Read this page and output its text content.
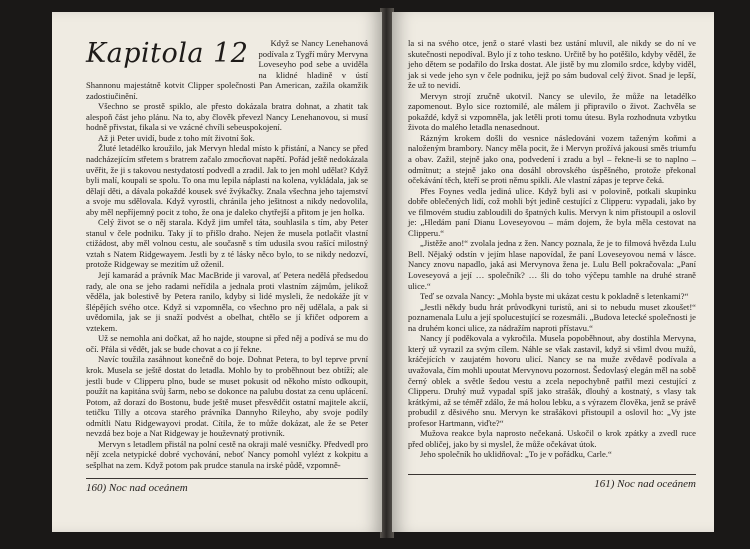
Kapitola 12	Když se Nancy Lenehanová podívala z Tygří můry Mervyna Loveseyho pod sebe a uviděla na klidné hladině v ústí Shannonu majestátně kotvit Clipper společnosti Pan American, zažila okamžik zadostiučinění.

Všechno se prostě spiklo, ale přesto dokázala bratra dohnat, a zhatit tak alespoň část jeho plánu. Na to, aby člověk převezl Nancy Lenehanovou, si musí hodně přivstat, fikala si ve vzácné chvíli sebeuspokojení.

Až ji Peter uvidí, bude z toho mít životní šok.

Žluté letadélko kroužilo, jak Mervyn hledal místo k přistání, a Nancy se před nadcházejícím střetem s bratrem začalo zmocňovat napětí. Pořád ještě nedokázala uvěřit, že ji s takovou nestydatostí podvedl a zradil. Jak to jen mohl udělat? Když byli malí, koupali se spolu. To ona mu lepila náplasti na kolena, vykládala, jak se dělají děti, a dávala pokaždé kousek své žvýkačky. Znala všechna jeho tajemství a svoje mu sdělovala. Když vyrostli, chránila jeho ješitnost a nikdy nedovolila, aby měl nepříjemný pocit z toho, že ona je daleko chytřejší a přitom je jen holka.

Celý život se o něj starala. Když jim umřel táta, souhlasila s tím, aby Peter stanul v čele podniku. Taky jí to přišlo draho. Nejen že musela potlačit vlastní ctižádost, aby měl volnou cestu, ale současně s tím udusila svou rašící milostný vztah s Natem Ridgewayem. Jestli by z té lásky něco bylo, to se nikdy nedozví, protože Ridgeway se mezitím už oženil.

Její kamarád a právník Mac MacBride ji varoval, ať Petera nedělá předsedou rady, ale ona se jeho radami neřídila a jednala proti vlastním zájmům, jelikož věděla, jak bolestivě by Petera ranilo, kdyby si lidé mysleli, že nedokáže jít v šlépějích svého otce. Když si vzpomněla, co všechno pro něj udělala, a pak si uvědomila, jak se ji snaží podvést a obelhat, chtělo se jí křičet odporem a vztekem.

Už se nemohla ani dočkat, až ho najde, stoupne si před něj a podívá se mu do očí. Přála si vědět, jak se bude chovat a co jí řekne.

Navíc toužila zasáhnout konečně do boje. Dohnat Petera, to byl teprve první krok. Musela se ještě dostat do letadla. Mohlo by to proběhnout bez obtíží; ale jestli bude v Clipperu plno, bude se muset pokusit od někoho místo odkoupit, použít na kapitána svůj šarm, nebo se dokonce na palubu dostat za cenu uplácení. Potom, až dorazí do Bostonu, bude ještě muset přesvědčit ostatní majitele akcií, tetičku Tilly a otcova starého právníka Dannyho Rileyho, aby svoje podíly odmítli Natu Ridgewayovi prodat. Cítila, že to může dokázat, ale že se Peter nevzdá bez boje a Nat Ridgeway je houževnatý protivník.

Mervyn s letadlem přistál na polní cestě na okraji malé vesničky. Předvedl pro nějí zcela netypické dobré vychování, neboť Nancy pomohl vylézt z kokpitu a sešplhat na zem. Když potom pak prudce stanula na irské půdě, vzpomně-

160) Noc nad oceánem

la si na svého otce, jenž o staré vlasti bez ustání mluvil, ale nikdy se do ní ve skutečnosti nepodíval. Bylo jí z toho teskno. Určitě by ho potěšilo, kdyby věděl, že jeho dětem se podařilo do Irska dostat. Ale jistě by mu zlomilo srdce, kdyby viděl, jak si vede jeho syn v čele podniku, jejž po sám budoval celý život. Snad je lepší, že už to nevidí.

Mervyn strojí zručně ukotvil. Nancy se ulevilo, že může na letadélko zapomenout. Bylo sice roztomilé, ale málem ji připravilo o život. Zachvěla se pokaždé, když si vzpomněla, jak letěli proti tomu útesu. Byla rozhodnuta vzbytku života do malého letadla nenasednout.

Rázným krokem došli do vesnice následováni vozem taženým koňmi a naloženým brambory. Nancy měla pocit, že i Mervyn prožívá jakousi směs triumfu a obav. Zažil, stejně jako ona, podvedení i zradu a byl – řekne-li se to naplno – odmítnut; a stejně jako ona dosáhl obrovského úspěšného, protože překonal očekávání těch, kteří se proti němu spikli. Ale vlastní zápas je teprve čeká.

Přes Foynes vedla jediná ulice. Když byli asi v polovině, potkali skupinku dobře oblečených lidí, což mohli být jedině cestující z Clipperu: vypadali, jako by ve filmovém studiu zabloudili do špatných kulis. Mervyn k nim přistoupil a oslovil je: „Hledám paní Dianu Loveseyovou – mám dojem, že byla měla cestovat na Clipperu.“

„Jistěže ano!“ zvolala jedna z žen. Nancy poznala, že je to filmová hvězda Lulu Bell. Nějaký odstín v jejím hlase napovídal, že paní Loveseyovou nemá v lásce. Nancy znovu napadlo, jaká asi Mervynova žena je. Lulu Bell pokračovala: „Paní Loveseyová a její … společník? … šli do toho výčepu tamhle na druhé straně ulice.“

Teď se ozvala Nancy: „Mohla byste mi ukázat cestu k pokladně s letenkami?“

„Jestli někdy budu hrát průvodkyni turistů, ani si to nebudu muset zkoušet!“ poznamenala Lulu a její spolucestující se rozesmáli. „Budova letecké společnosti je na druhém konci ulice, za nádražím naproti přístavu.“

Nancy jí poděkovala a vykročila. Musela popoběhnout, aby dostihla Mervyna, který už vyrazil za svým cílem. Náhle se však zastavil, když si všiml dvou mužů, kráčejících v zaujatém hovoru ulicí. Nancy se na muže zvědavě podívala a uvažovala, čím mohli upoutat Mervynovu pozornost. Šedovlasý elegán měl na sobě černý oblek a světle šedou vestu a zcela nepochybně patřil mezi cestující z Clipperu. Druhý muž vypadal spíš jako strašák, dlouhý a kostnatý, s vlasy tak krátkými, až se téměř zdálo, že má holou lebku, a s výrazem člověka, jenž se právě probudil z děsivého snu. Mervyn ke strašákovi přistoupil a oslovil ho: „Vy jste profesor Hartmann, viďte?“

Mužova reakce byla naprosto nečekaná. Uskočil o krok zpátky a zvedl ruce před obličej, jako by si myslel, že může očekávat útok.

Jeho společník ho uklidňoval: „To je v pořádku, Carle.“

161) Noc nad oceánem
